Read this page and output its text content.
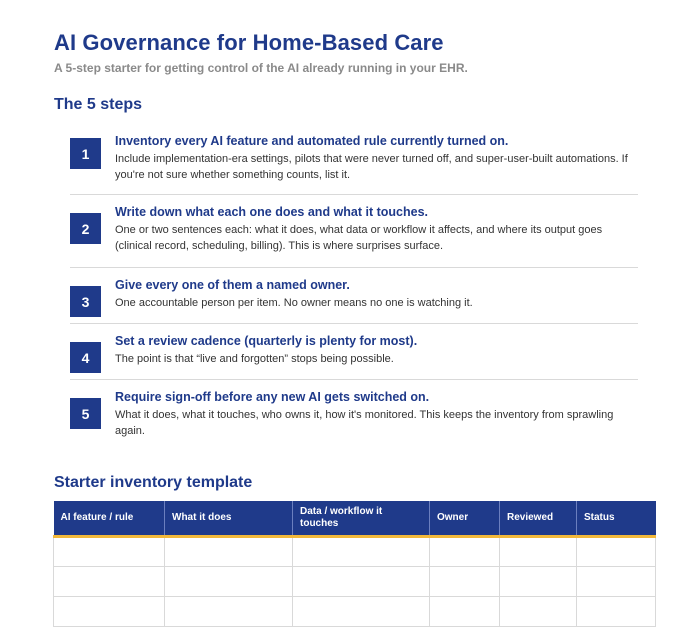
AI Governance for Home-Based Care
A 5-step starter for getting control of the AI already running in your EHR.
The 5 steps
1
Inventory every AI feature and automated rule currently turned on.
Include implementation-era settings, pilots that were never turned off, and super-user-built automations. If you're not sure whether something counts, list it.
2
Write down what each one does and what it touches.
One or two sentences each: what it does, what data or workflow it affects, and where its output goes (clinical record, scheduling, billing). This is where surprises surface.
3
Give every one of them a named owner.
One accountable person per item. No owner means no one is watching it.
4
Set a review cadence (quarterly is plenty for most).
The point is that “live and forgotten” stops being possible.
5
Require sign-off before any new AI gets switched on.
What it does, what it touches, who owns it, how it's monitored. This keeps the inventory from sprawling again.
Starter inventory template
AI feature / rule	What it does	Data / workflow it touches	Owner	Reviewed	Status
